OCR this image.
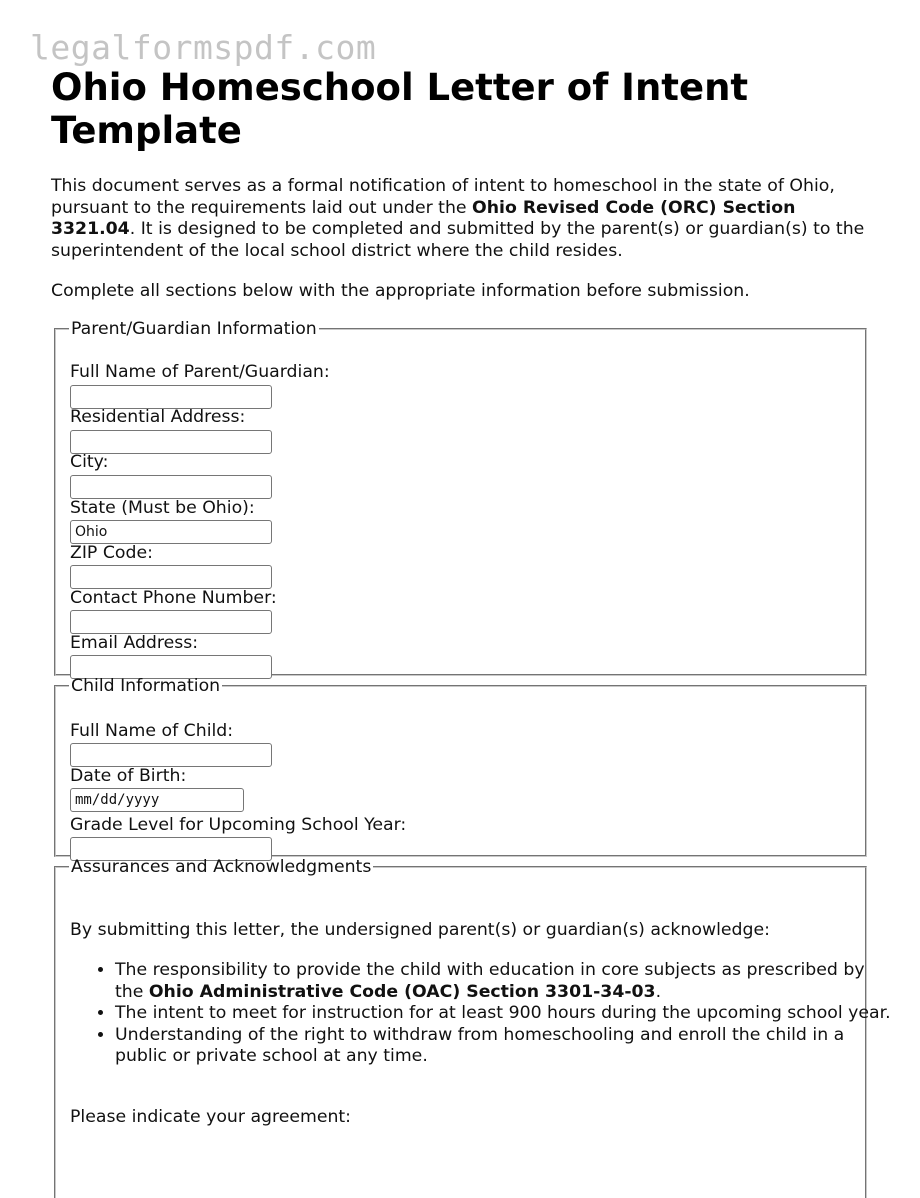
legalformspdf.com
Ohio Homeschool Letter of Intent Template

This document serves as a formal notification of intent to homeschool in the state of Ohio, pursuant to the requirements laid out under the Ohio Revised Code (ORC) Section 3321.04. It is designed to be completed and submitted by the parent(s) or guardian(s) to the superintendent of the local school district where the child resides.

Complete all sections below with the appropriate information before submission.

Parent/Guardian Information
Full Name of Parent/Guardian:
Residential Address:
City:
State (Must be Ohio):
Ohio
ZIP Code:
Contact Phone Number:
Email Address:
Child Information
Full Name of Child:
Date of Birth:
mm/dd/yyyy
Grade Level for Upcoming School Year:
Assurances and Acknowledgments

By submitting this letter, the undersigned parent(s) or guardian(s) acknowledge:

• The responsibility to provide the child with education in core subjects as prescribed by the Ohio Administrative Code (OAC) Section 3301-34-03.
• The intent to meet for instruction for at least 900 hours during the upcoming school year.
• Understanding of the right to withdraw from homeschooling and enroll the child in a public or private school at any time.

Please indicate your agreement:
